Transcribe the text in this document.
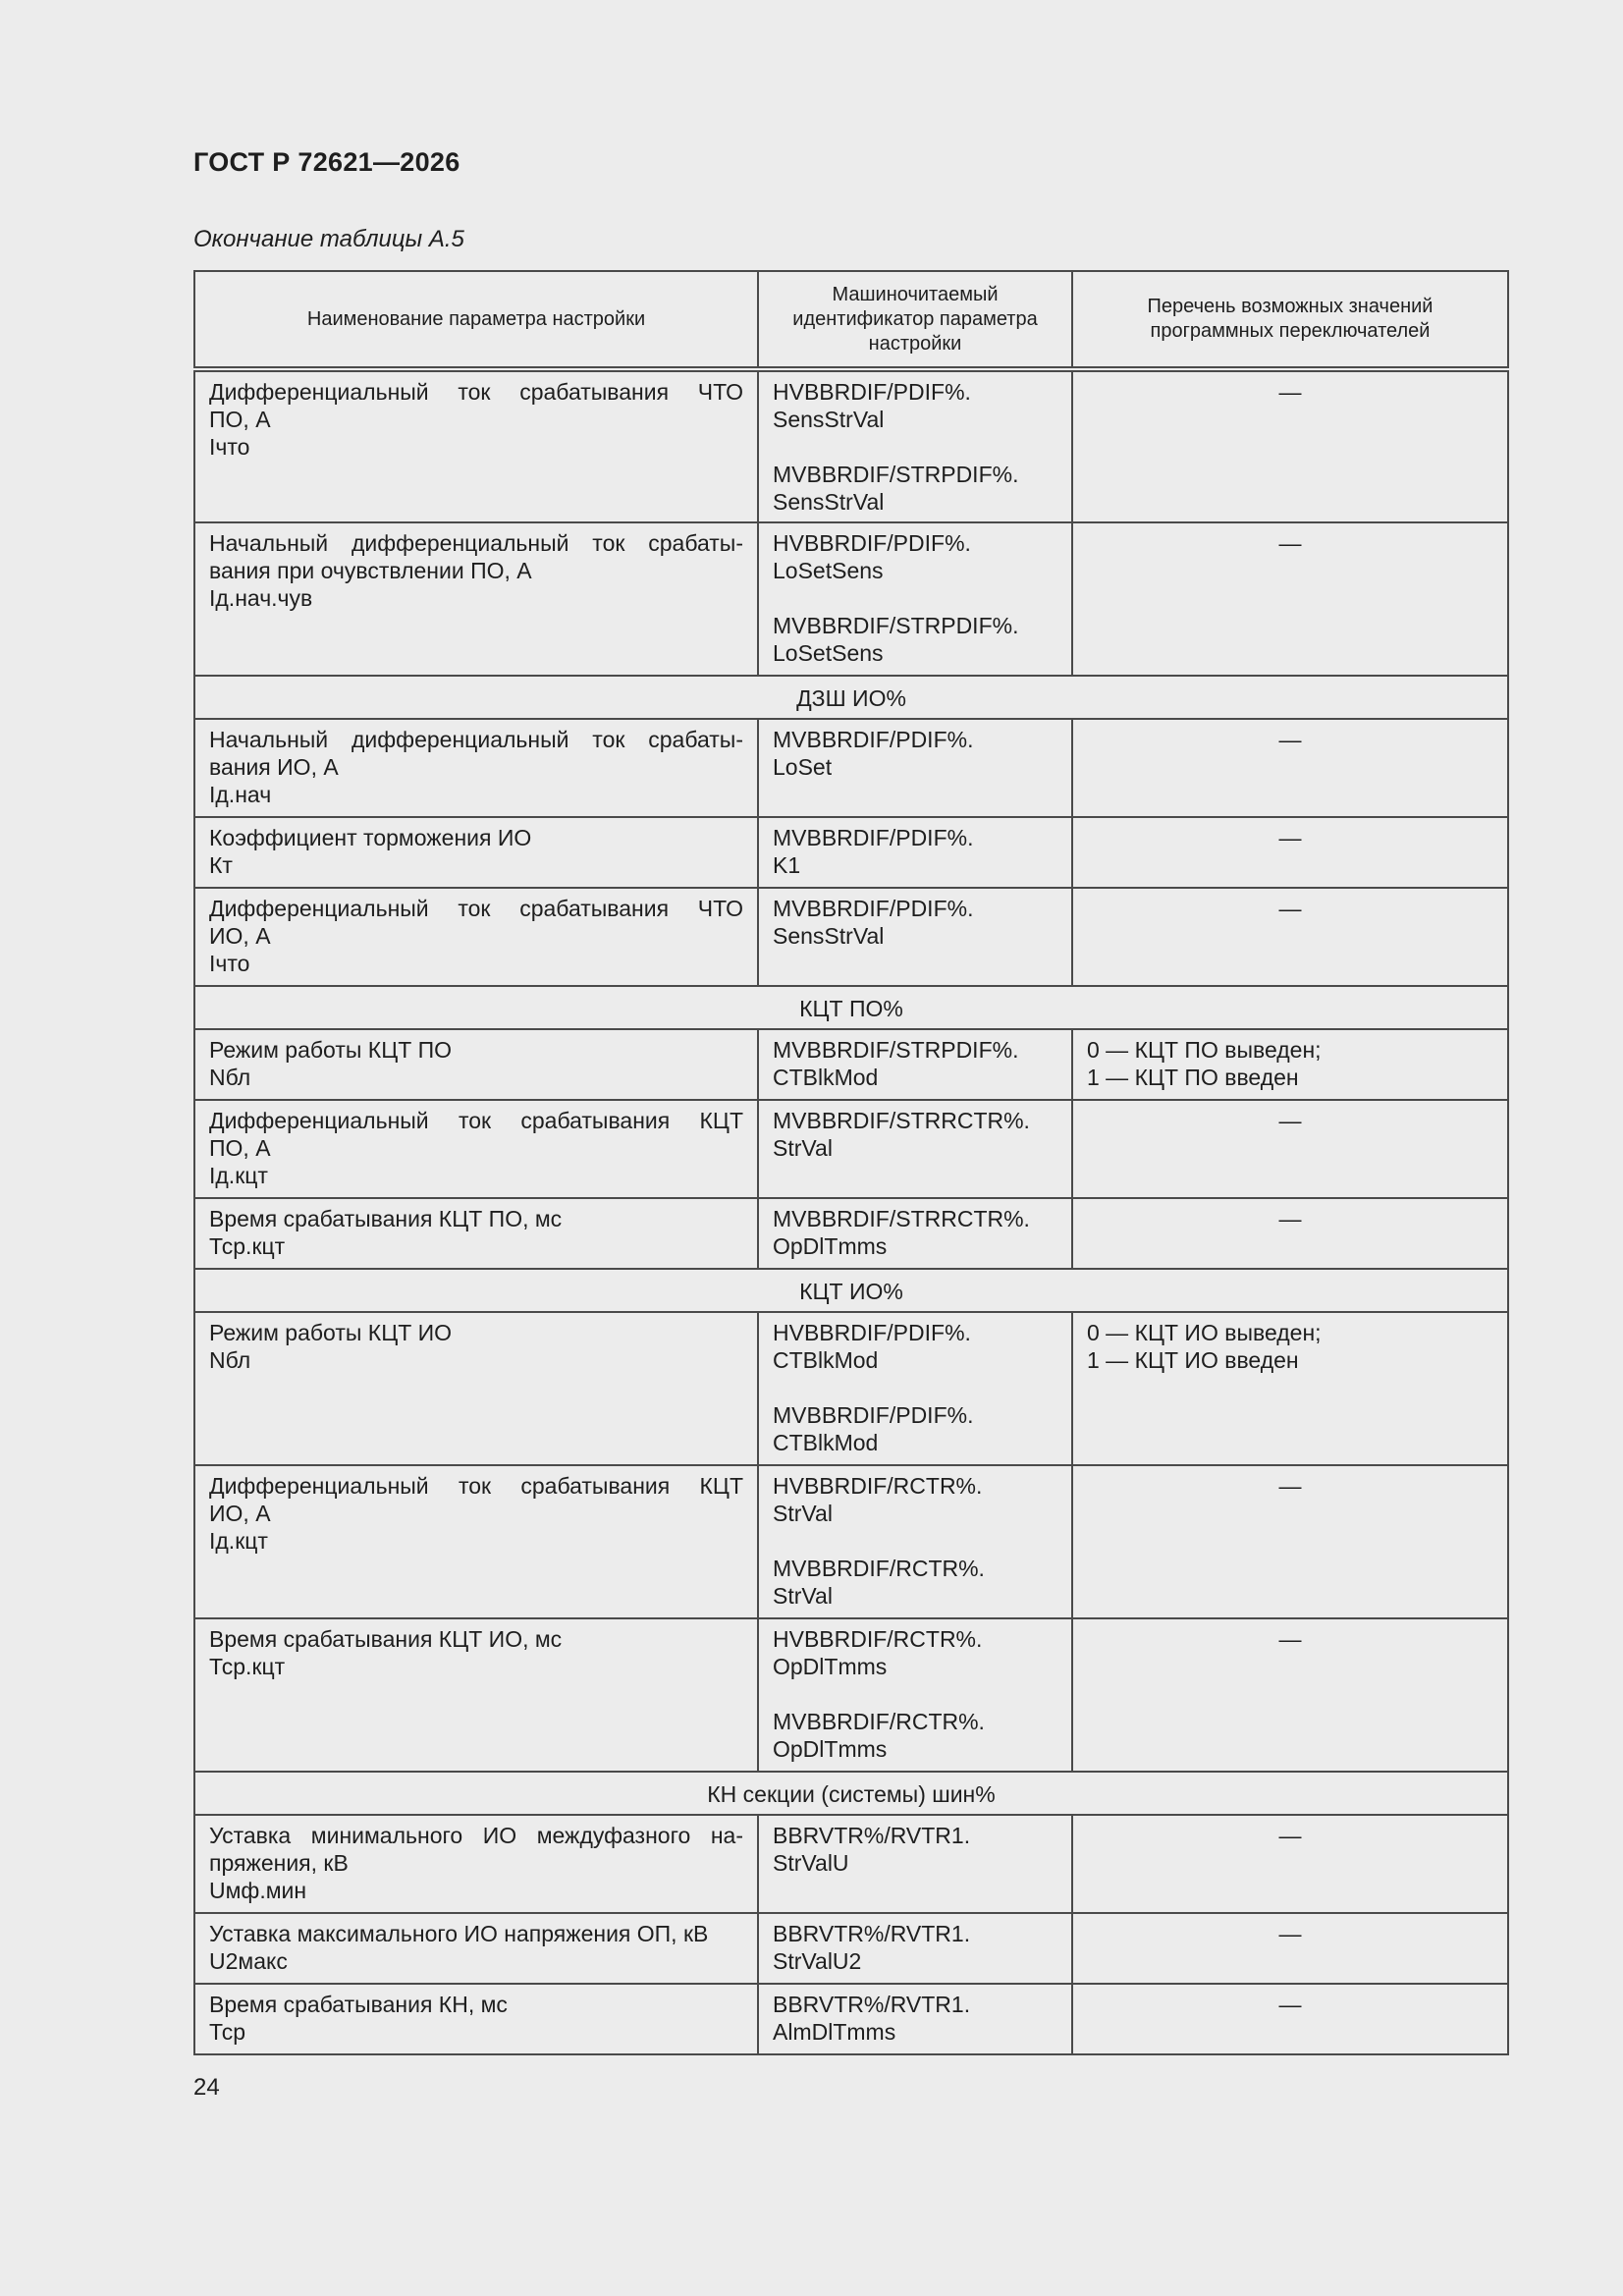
ГОСТ Р 72621—2026
Окончание таблицы А.5
Наименование параметра настройки	Машиночитаемый идентификатор параметра настройки	Перечень возможных значений программных переключателей

Дифференциальный ток срабатывания ЧТО
ПО, А
Iчто	HVBBRDIF/PDIF%.
SensStrVal
MVBBRDIF/STRPDIF%.
SensStrVal	—

Начальный дифференциальный ток срабаты-
вания при очувствлении ПО, А
Iд.нач.чув	HVBBRDIF/PDIF%.
LoSetSens
MVBBRDIF/STRPDIF%.
LoSetSens	—
ДЗШ ИО%		

Начальный дифференциальный ток срабаты-
вания ИО, А
Iд.нач	MVBBRDIF/PDIF%.
LoSet	—

Коэффициент торможения ИО
Кт	MVBBRDIF/PDIF%.
K1	—

Дифференциальный ток срабатывания ЧТО
ИО, А
Iчто	MVBBRDIF/PDIF%.
SensStrVal	—
КЦТ ПО%		

Режим работы КЦТ ПО
Nбл	MVBBRDIF/STRPDIF%.
CTBlkMod	0 — КЦТ ПО выведен;
1 — КЦТ ПО введен

Дифференциальный ток срабатывания КЦТ
ПО, А
Iд.кцт	MVBBRDIF/STRRCTR%.
StrVal	—

Время срабатывания КЦТ ПО, мс
Тср.кцт	MVBBRDIF/STRRCTR%.
OpDlTmms	—
КЦТ ИО%		

Режим работы КЦТ ИО
Nбл	HVBBRDIF/PDIF%.
CTBlkMod
MVBBRDIF/PDIF%.
CTBlkMod	0 — КЦТ ИО выведен;
1 — КЦТ ИО введен

Дифференциальный ток срабатывания КЦТ
ИО, А
Iд.кцт	HVBBRDIF/RCTR%.
StrVal
MVBBRDIF/RCTR%.
StrVal	—

Время срабатывания КЦТ ИО, мс
Тср.кцт	HVBBRDIF/RCTR%.
OpDlTmms
MVBBRDIF/RCTR%.
OpDlTmms	—
КН секции (системы) шин%		

Уставка минимального ИО междуфазного на-
пряжения, кВ
Uмф.мин	BBRVTR%/RVTR1.
StrValU	—

Уставка максимального ИО напряжения ОП, кВ
U2макс	BBRVTR%/RVTR1.
StrValU2	—

Время срабатывания КН, мс
Тср	BBRVTR%/RVTR1.
AlmDlTmms	—
24
